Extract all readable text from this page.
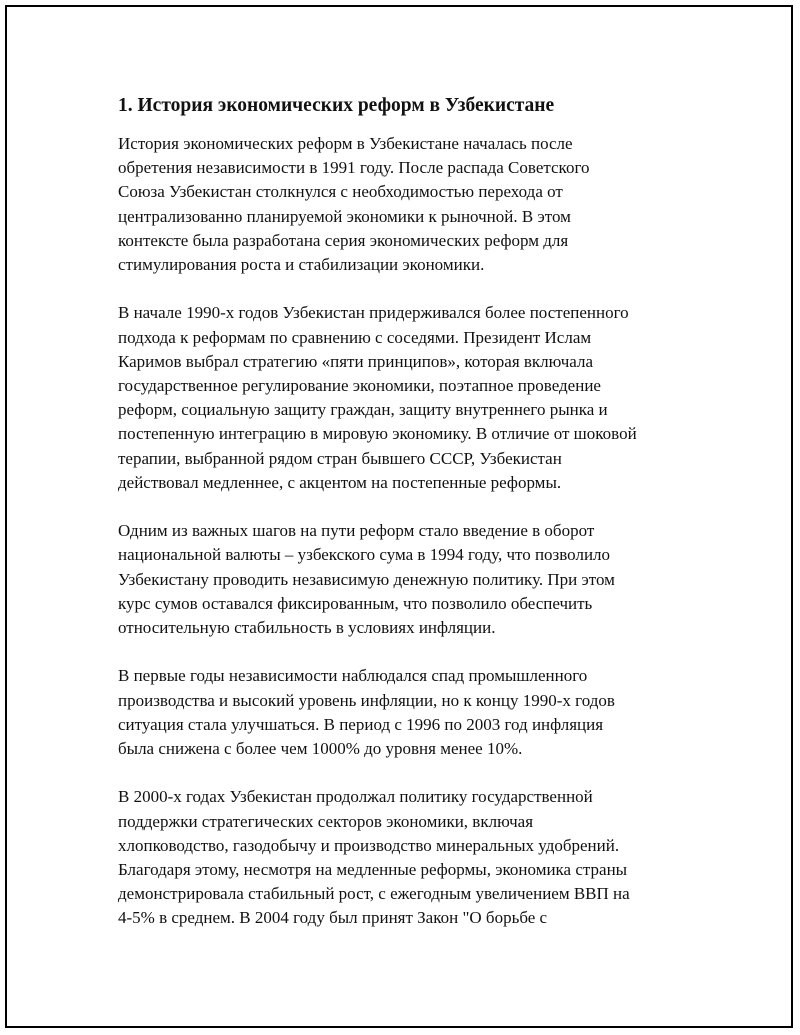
1. История экономических реформ в Узбекистане

История экономических реформ в Узбекистане началась после
обретения независимости в 1991 году. После распада Советского
Союза Узбекистан столкнулся с необходимостью перехода от
централизованно планируемой экономики к рыночной. В этом
контексте была разработана серия экономических реформ для
стимулирования роста и стабилизации экономики.

В начале 1990-х годов Узбекистан придерживался более постепенного
подхода к реформам по сравнению с соседями. Президент Ислам
Каримов выбрал стратегию «пяти принципов», которая включала
государственное регулирование экономики, поэтапное проведение
реформ, социальную защиту граждан, защиту внутреннего рынка и
постепенную интеграцию в мировую экономику. В отличие от шоковой
терапии, выбранной рядом стран бывшего СССР, Узбекистан
действовал медленнее, с акцентом на постепенные реформы.

Одним из важных шагов на пути реформ стало введение в оборот
национальной валюты – узбекского сума в 1994 году, что позволило
Узбекистану проводить независимую денежную политику. При этом
курс сумов оставался фиксированным, что позволило обеспечить
относительную стабильность в условиях инфляции.

В первые годы независимости наблюдался спад промышленного
производства и высокий уровень инфляции, но к концу 1990-х годов
ситуация стала улучшаться. В период с 1996 по 2003 год инфляция
была снижена с более чем 1000% до уровня менее 10%.

В 2000-х годах Узбекистан продолжал политику государственной
поддержки стратегических секторов экономики, включая
хлопководство, газодобычу и производство минеральных удобрений.
Благодаря этому, несмотря на медленные реформы, экономика страны
демонстрировала стабильный рост, с ежегодным увеличением ВВП на
4-5% в среднем. В 2004 году был принят Закон "О борьбе с
